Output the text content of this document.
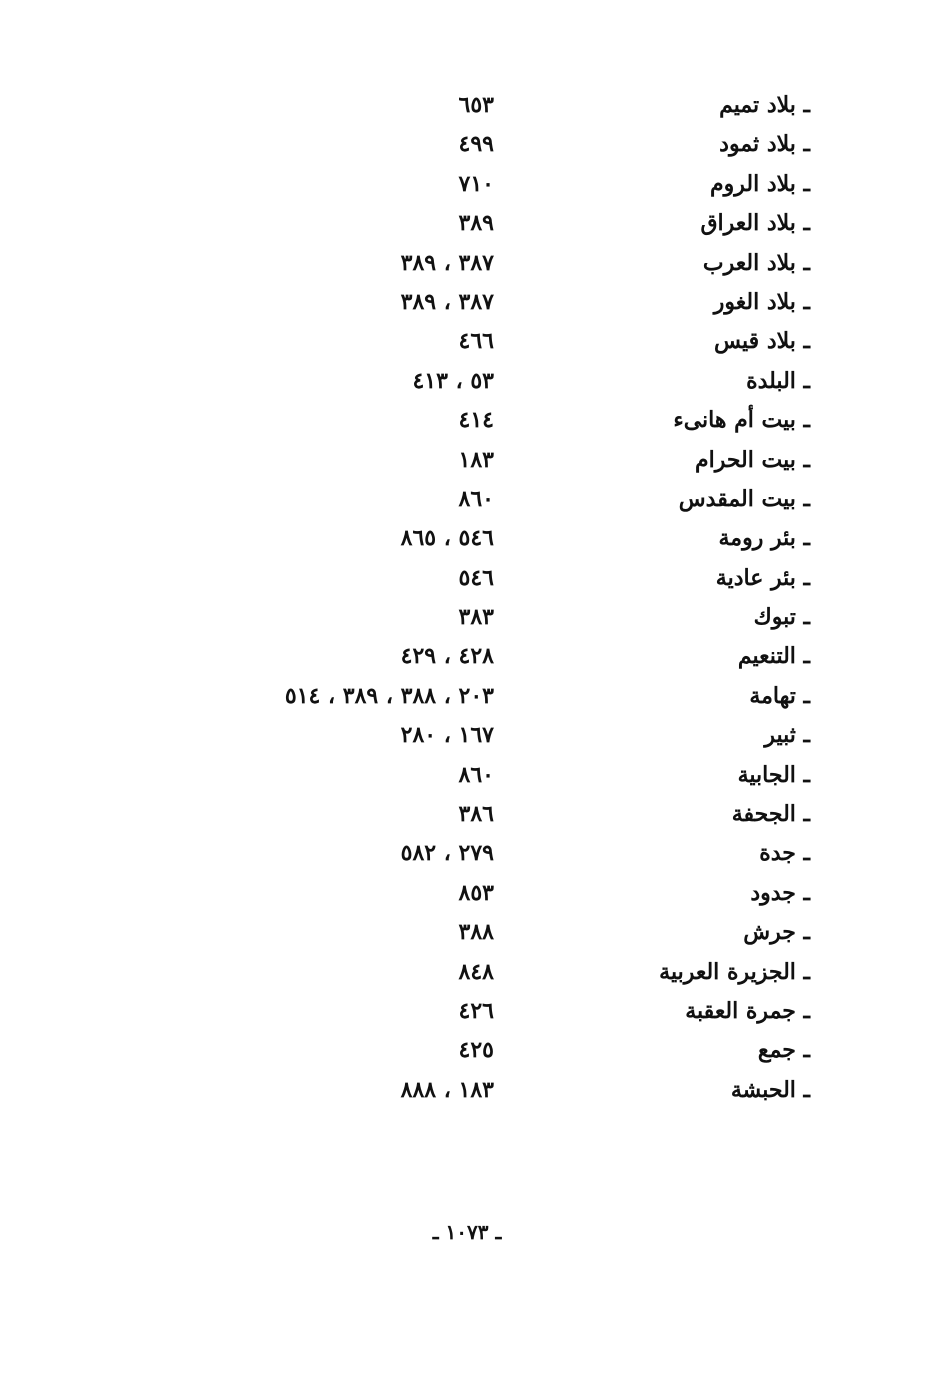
ـ بلاد تميم
٦٥٣
ـ بلاد ثمود
٤٩٩
ـ بلاد الروم
٧١٠
ـ بلاد العراق
٣٨٩
ـ بلاد العرب
٣٨٧ ، ٣٨٩
ـ بلاد الغور
٣٨٧ ، ٣٨٩
ـ بلاد قيس
٤٦٦
ـ البلدة
٥٣ ، ٤١٣
ـ بيت أم هانىء
٤١٤
ـ بيت الحرام
١٨٣
ـ بيت المقدس
٨٦٠
ـ بئر رومة
٥٤٦ ، ٨٦٥
ـ بئر عادية
٥٤٦
ـ تبوك
٣٨٣
ـ التنعيم
٤٢٨ ، ٤٢٩
ـ تهامة
٢٠٣ ، ٣٨٨ ، ٣٨٩ ، ٥١٤
ـ ثبير
١٦٧ ، ٢٨٠
ـ الجابية
٨٦٠
ـ الجحفة
٣٨٦
ـ جدة
٢٧٩ ، ٥٨٢
ـ جدود
٨٥٣
ـ جرش
٣٨٨
ـ الجزيرة العربية
٨٤٨
ـ جمرة العقبة
٤٢٦
ـ جمع
٤٢٥
ـ الحبشة
١٨٣ ، ٨٨٨
ـ ١٠٧٣ ـ
